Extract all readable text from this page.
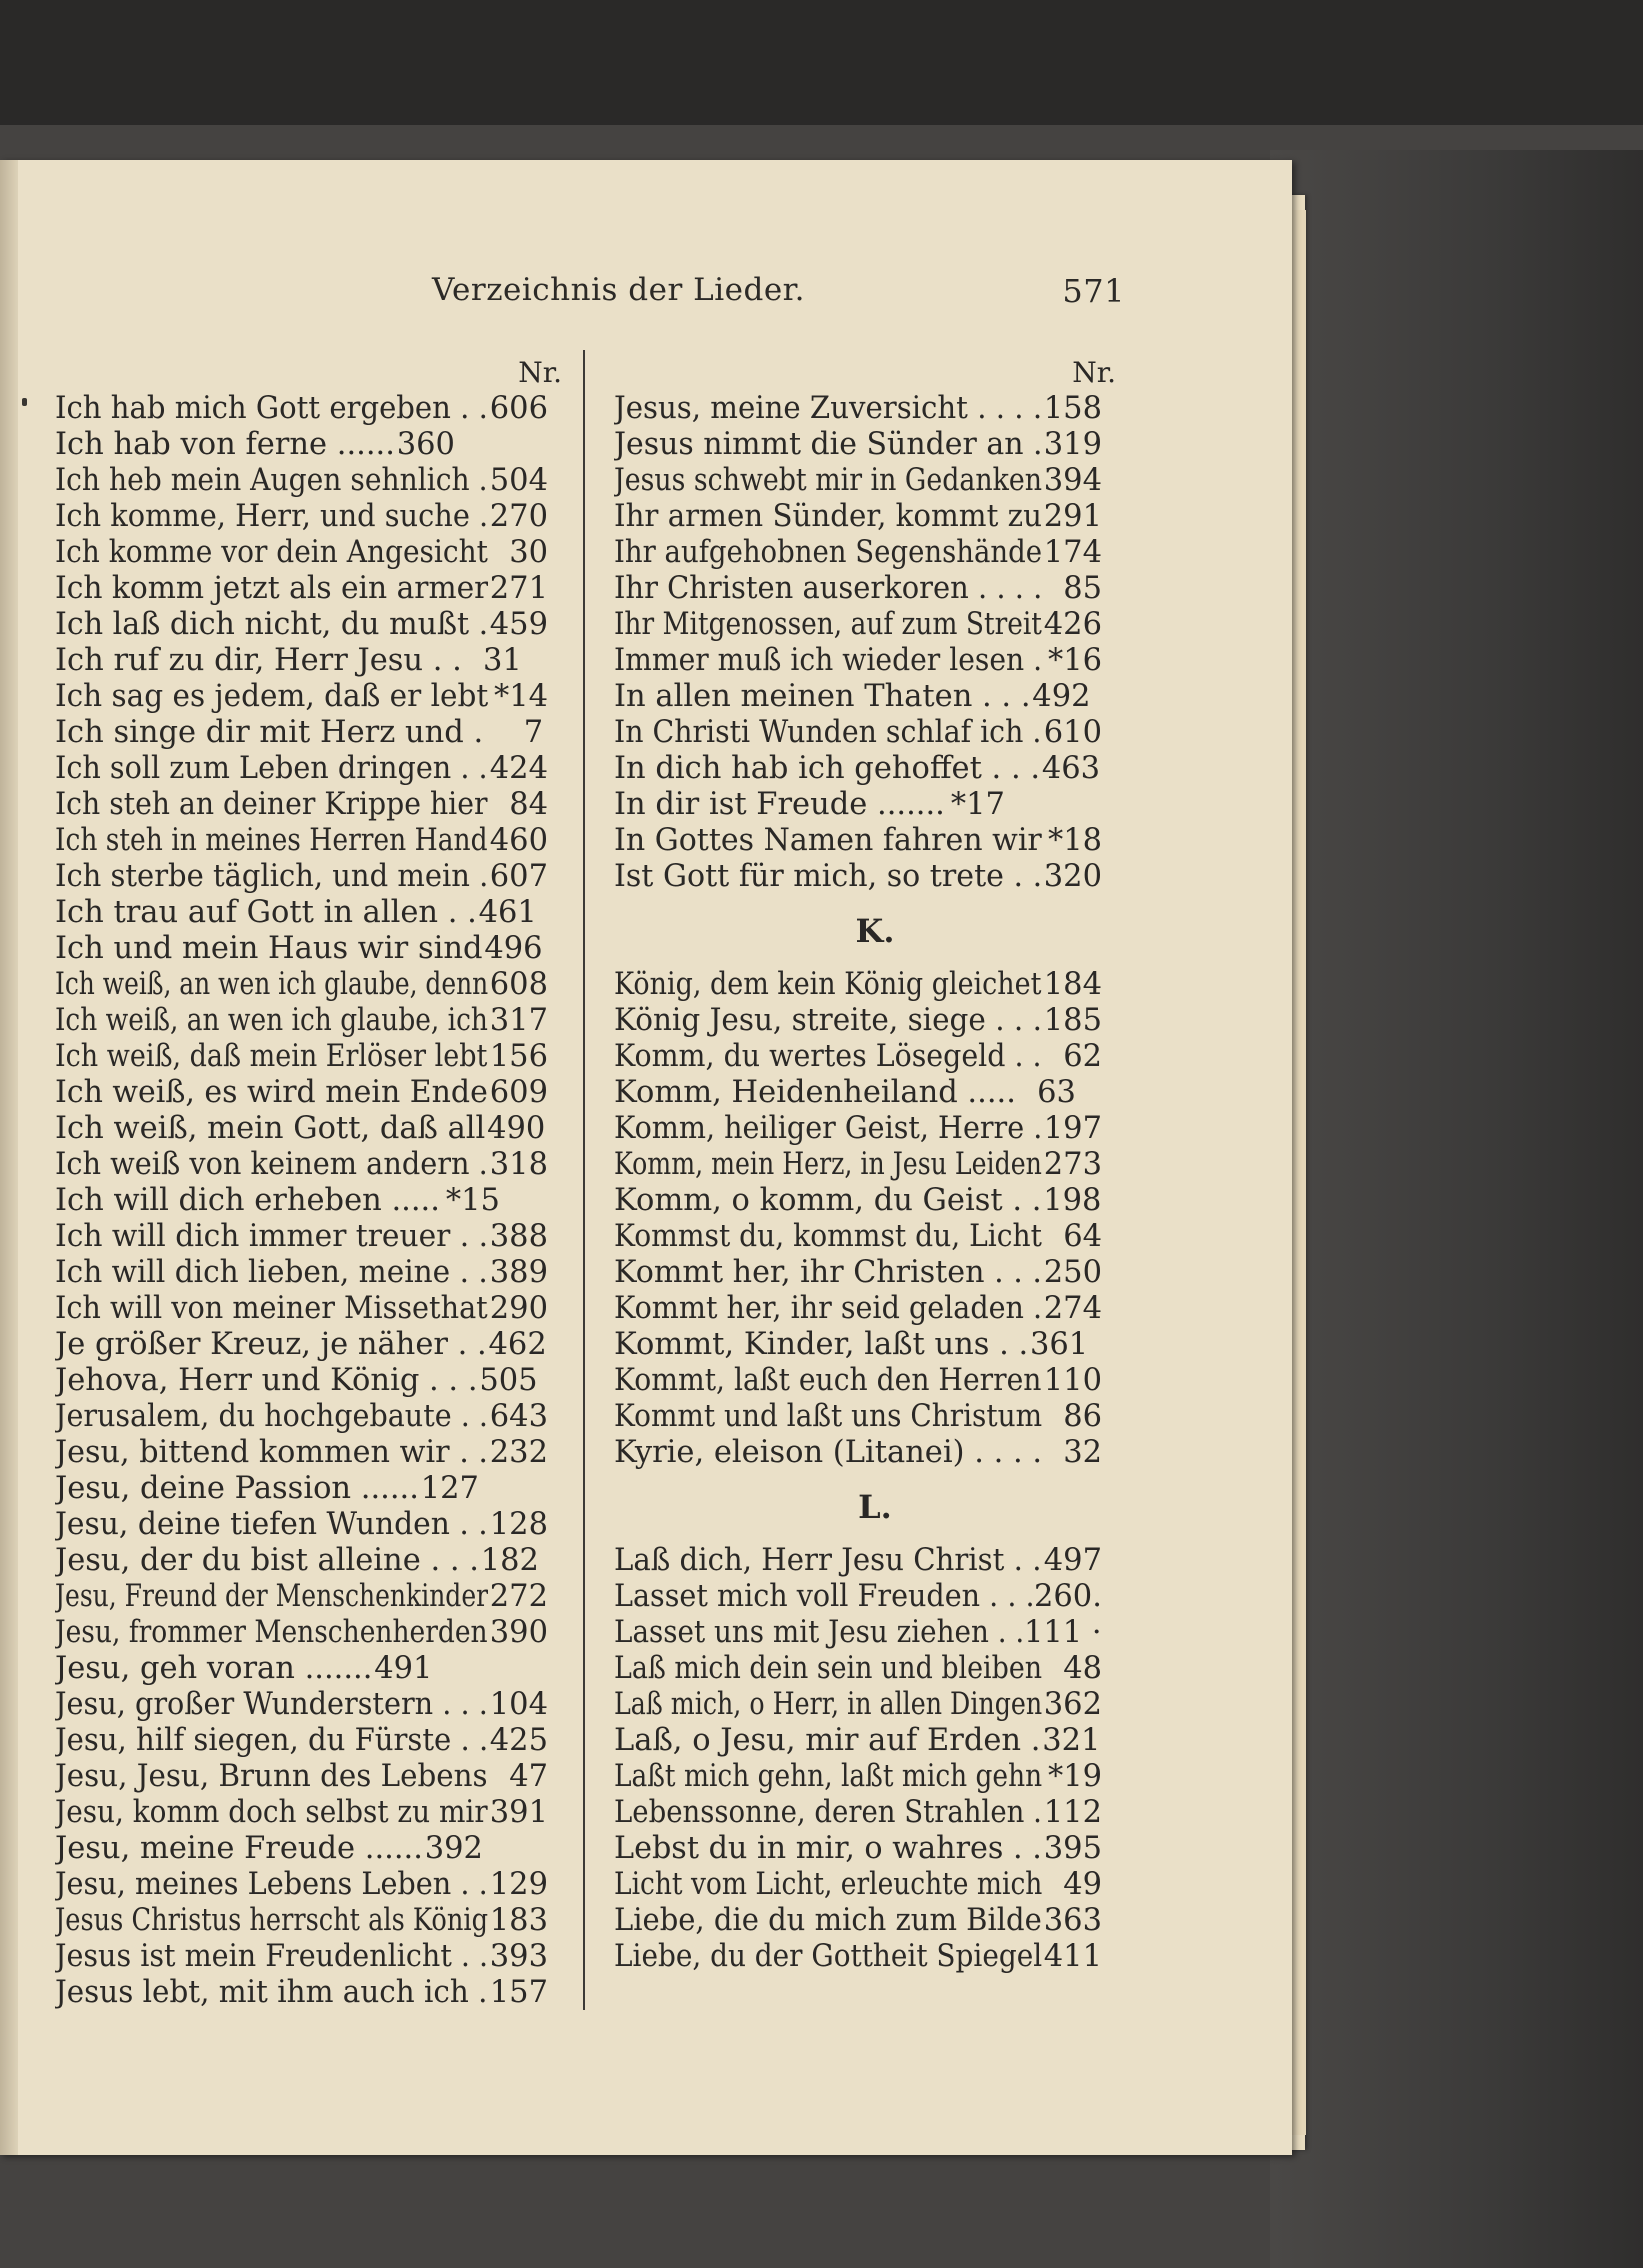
Verzeichnis der Lieder.	571
Nr.
Ich hab mich Gott ergeben . . 606
Ich hab von ferne ...... 360
Ich heb mein Augen sehnlich . 504
Ich komme, Herr, und suche . 270
Ich komme vor dein Angesicht 30
Ich komm jetzt als ein armer 271
Ich laß dich nicht, du mußt . 459
Ich ruf zu dir, Herr Jesu . . 31
Ich sag es jedem, daß er lebt *14
Ich singe dir mit Herz und .	7
Ich soll zum Leben dringen . . 424
Ich steh an deiner Krippe hier 84
Ich steh in meines Herren Hand 460
Ich sterbe täglich, und mein . 607
Ich trau auf Gott in allen . . 461
Ich und mein Haus wir sind 496
Ich weiß, an wen ich glaube, denn 608
Ich weiß, an wen ich glaube, ich 317
Ich weiß, daß mein Erlöser lebt 156
Ich weiß, es wird mein Ende 609
Ich weiß, mein Gott, daß all 490
Ich weiß von keinem andern . 318
Ich will dich erheben ..... *15
Ich will dich immer treuer . . 388
Ich will dich lieben, meine . . 389
Ich will von meiner Missethat 290
Je größer Kreuz, je näher . . 462
Jehova, Herr und König . . . 505
Jerusalem, du hochgebaute . . 643
Jesu, bittend kommen wir . . 232
Jesu, deine Passion ...... 127
Jesu, deine tiefen Wunden . . 128
Jesu, der du bist alleine . . . 182
Jesu, Freund der Menschenkinder 272
Jesu, frommer Menschenherden 390
Jesu, geh voran ....... 491
Jesu, großer Wunderstern . . . 104
Jesu, hilf siegen, du Fürste . . 425
Jesu, Jesu, Brunn des Lebens 47
Jesu, komm doch selbst zu mir 391
Jesu, meine Freude ...... 392
Jesu, meines Lebens Leben . . 129
Jesus Christus herrscht als König 183
Jesus ist mein Freudenlicht . . 393
Jesus lebt, mit ihm auch ich . 157
Nr.
Jesus, meine Zuversicht . . . . 158
Jesus nimmt die Sünder an . 319
Jesus schwebt mir in Gedanken 394
Ihr armen Sünder, kommt zu 291
Ihr aufgehobnen Segenshände 174
Ihr Christen auserkoren . . . . 85
Ihr Mitgenossen, auf zum Streit 426
Immer muß ich wieder lesen . *16
In allen meinen Thaten . . . 492
In Christi Wunden schlaf ich . 610
In dich hab ich gehoffet . . . 463
In dir ist Freude ....... *17
In Gottes Namen fahren wir *18
Ist Gott für mich, so trete . . 320
K.
König, dem kein König gleichet 184
König Jesu, streite, siege . . . 185
Komm, du wertes Lösegeld . . 62
Komm, Heidenheiland ..... 63
Komm, heiliger Geist, Herre . 197
Komm, mein Herz, in Jesu Leiden 273
Komm, o komm, du Geist . . 198
Kommst du, kommst du, Licht 64
Kommt her, ihr Christen . . . 250
Kommt her, ihr seid geladen . 274
Kommt, Kinder, laßt uns . . 361
Kommt, laßt euch den Herren 110
Kommt und laßt uns Christum 86
Kyrie, eleison (Litanei) . . . . 32
L.
Laß dich, Herr Jesu Christ . . 497
Lasset mich voll Freuden . . . 260.
Lasset uns mit Jesu ziehen . . 111 ·
Laß mich dein sein und bleiben 48
Laß mich, o Herr, in allen Dingen 362
Laß, o Jesu, mir auf Erden . 321
Laßt mich gehn, laßt mich gehn *19
Lebenssonne, deren Strahlen . 112
Lebst du in mir, o wahres . . 395
Licht vom Licht, erleuchte mich 49
Liebe, die du mich zum Bilde 363
Liebe, du der Gottheit Spiegel 411
